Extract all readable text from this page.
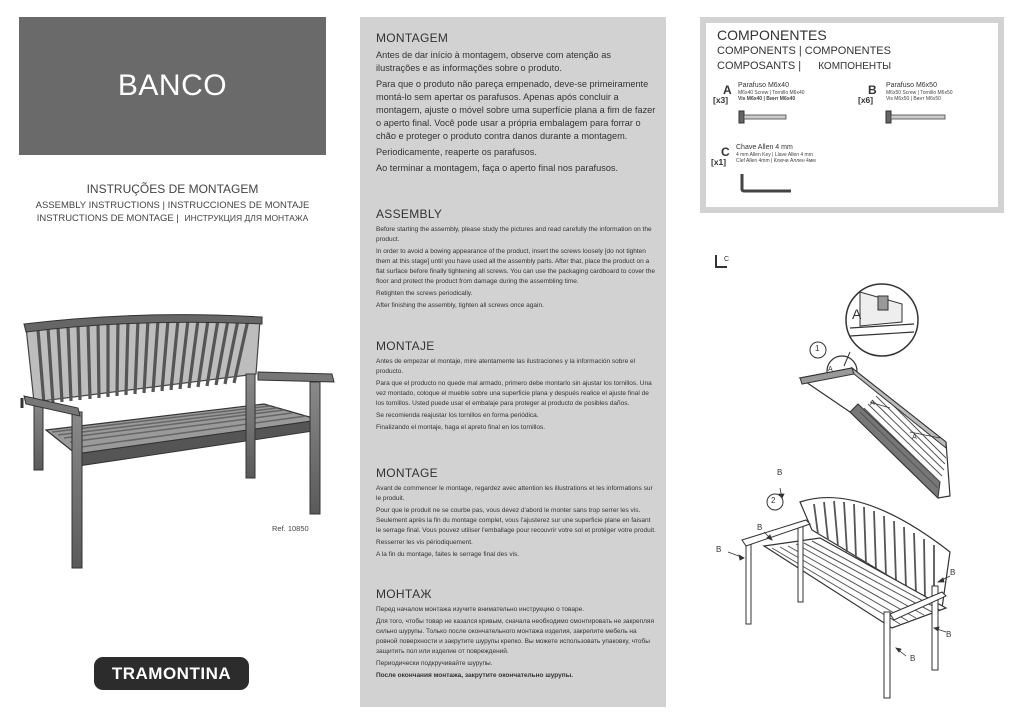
BANCO
INSTRUÇÕES DE MONTAGEM
ASSEMBLY INSTRUCTIONS | INSTRUCCIONES DE MONTAJE
INSTRUCTIONS DE MONTAGE | ИНСТРУКЦИЯ ДЛЯ МОНТАЖА
Ref. 10850
TRAMONTINA
MONTAGEM

Antes de dar início à montagem, observe com atenção as ilustrações e as informações sobre o produto.

Para que o produto não pareça empenado, deve-se primeiramente montá-lo sem apertar os parafusos. Apenas após concluir a montagem, ajuste o móvel sobre uma superfície plana a fim de fazer o aperto final. Você pode usar a própria embalagem para forrar o chão e proteger o produto contra danos durante a montagem.

Periodicamente, reaperte os parafusos.

Ao terminar a montagem, faça o aperto final nos parafusos.

ASSEMBLY

Before starting the assembly, please study the pictures and read carefully the information on the product.

In order to avoid a bowing appearance of the product, insert the screws loosely [do not tighten them at this stage] until you have used all the assembly parts. After that, place the product on a flat surface before finally tightening all screws. You can use the packaging cardboard to cover the floor and protect the product from damage during the assembling time.

Retighten the screws periodically.

After finishing the assembly, tighten all screws once again.

MONTAJE

Antes de empezar el montaje, mire atentamente las ilustraciones y la información sobre el producto.

Para que el producto no quede mal armado, primero debe montarlo sin ajustar los tornillos. Una vez montado, coloque el mueble sobre una superficie plana y después realice el ajuste final de los tornillos. Usted puede usar el embalaje para proteger al producto de posibles daños.

Se recomienda reajustar los tornillos en forma periódica.

Finalizando el montaje, haga el apreto final en los tornillos.

MONTAGE

Avant de commencer le montage, regardez avec attention les illustrations et les informations sur le produit.

Pour que le produit ne se courbe pas, vous devez d'abord le monter sans trop serrer les vis. Seulement après la fin du montage complet, vous l'ajusterez sur une superficie plane en faisant le serrage final. Vous pouvez utiliser l'emballage pour recouvrir votre sol et protéger votre produit.

Resserrer les vis périodiquement.

A la fin du montage, faites le serrage final des vis.

МОНТАЖ

Перед началом монтажа изучите внимательно инструкцию о товаре.

Для того, чтобы товар не казался кривым, сначала необходимо смонтировать не закрепляя сильно шурупы. Только после окончательного монтажа изделия, закрепите мебель на ровной поверхности и закрутите шурупы крепко. Вы можете использовать упаковку, чтобы защитить пол или изделие от повреждений.

Периодически подкручивайте шурупы.

После окончания монтажа, закрутите окончательно шурупы.

COMPONENTES
COMPONENTS | COMPONENTES
COMPOSANTS | КОМПОНЕНТЫ
A
[x3]
Parafuso M6x40
M6x40 Screw | Tornillo M6x40
Vis M6x40 | Винт М6х40
B
[x6]
Parafuso M6x50
M6x50 Screw | Tornillo M6x50
Vis M6x50 | Винт М6х50
C
[x1]
Chave Allen 4 mm
4 mm Allen Key | Llave Allen 4 mm
Clef Allen 4mm | Ключи Аллен 4мм
C
1
A
A
A
A
2
B
B
B
B
B
B
